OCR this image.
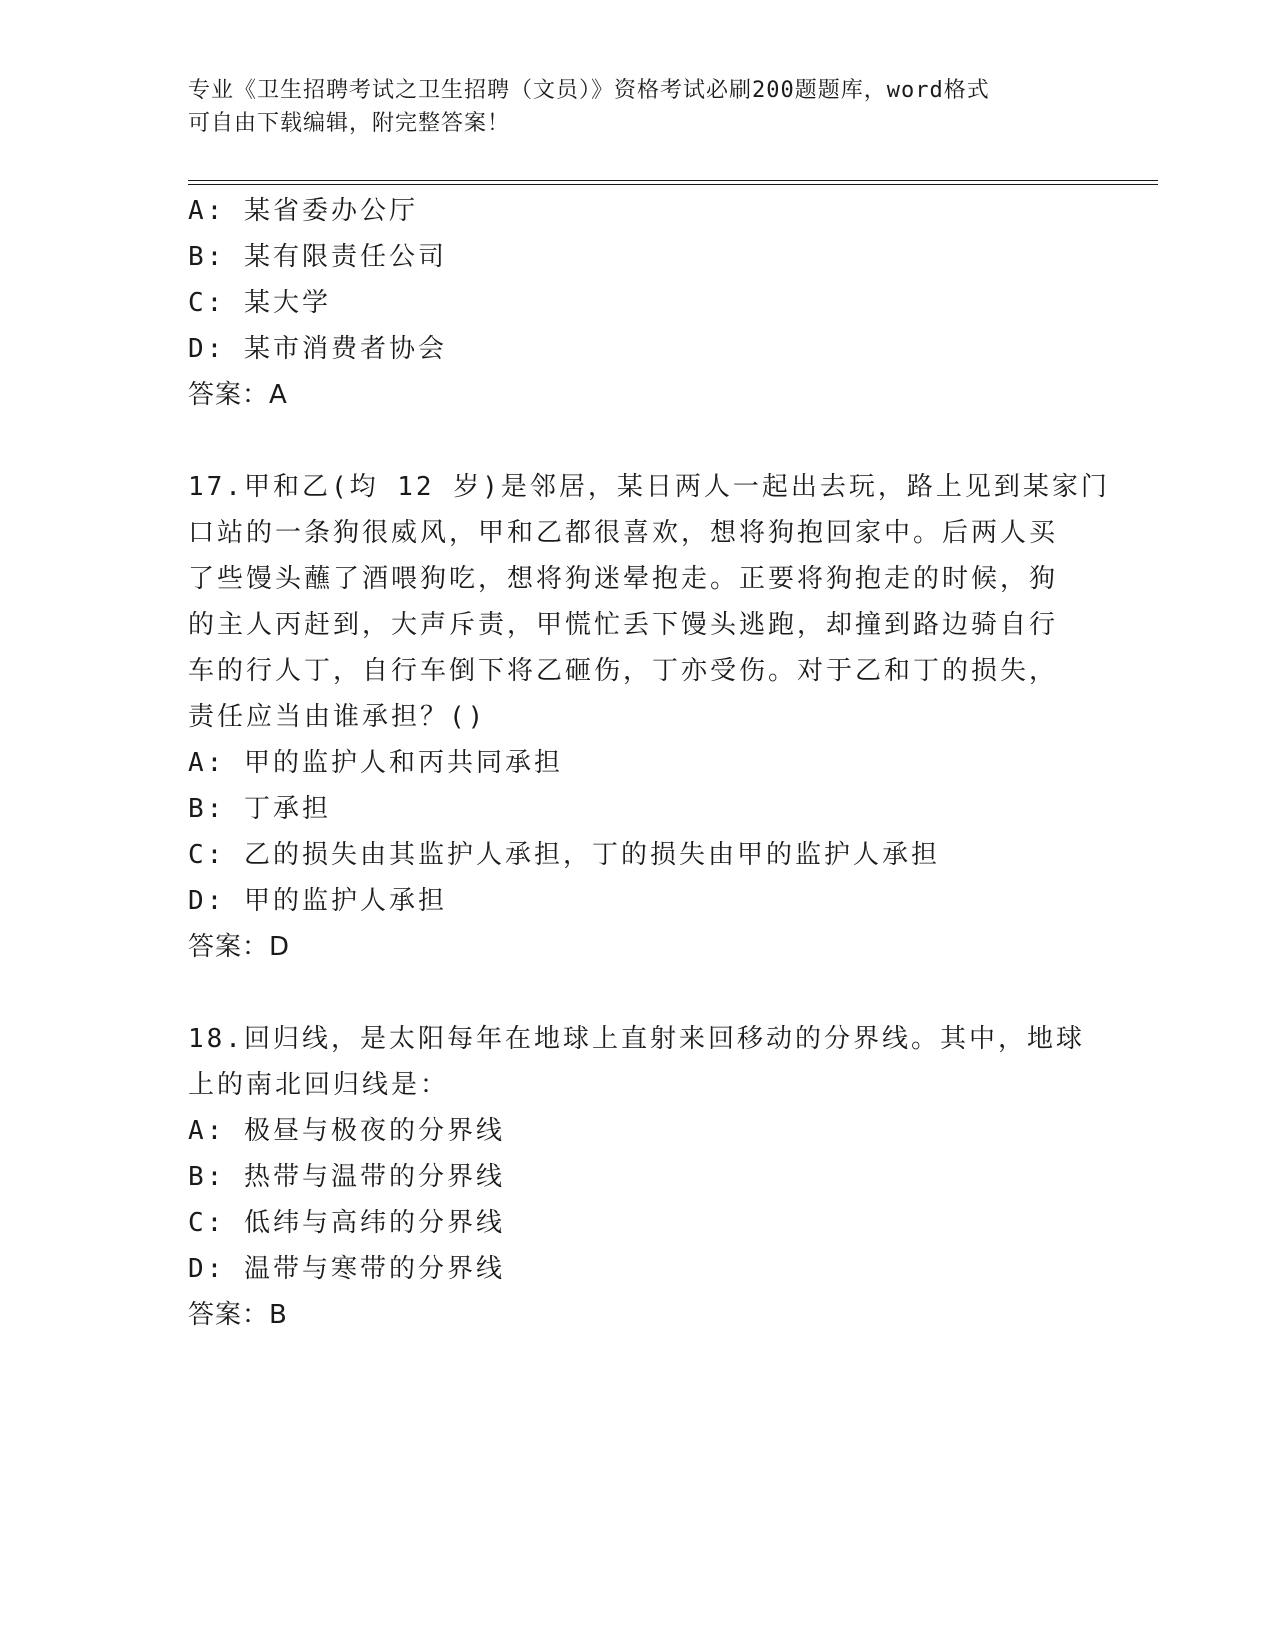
专业《卫生招聘考试之卫生招聘（文员）》资格考试必刷200题题库，word格式
可自由下载编辑，附完整答案！
A: 某省委办公厅
B: 某有限责任公司
C: 某大学
D: 某市消费者协会
答案：A
17.甲和乙(均 12 岁)是邻居，某日两人一起出去玩，路上见到某家门
口站的一条狗很威风，甲和乙都很喜欢，想将狗抱回家中。后两人买
了些馒头蘸了酒喂狗吃，想将狗迷晕抱走。正要将狗抱走的时候，狗
的主人丙赶到，大声斥责，甲慌忙丢下馒头逃跑，却撞到路边骑自行
车的行人丁，自行车倒下将乙砸伤，丁亦受伤。对于乙和丁的损失，
责任应当由谁承担？()
A: 甲的监护人和丙共同承担
B: 丁承担
C: 乙的损失由其监护人承担，丁的损失由甲的监护人承担
D: 甲的监护人承担
答案：D
18.回归线，是太阳每年在地球上直射来回移动的分界线。其中，地球
上的南北回归线是：
A: 极昼与极夜的分界线
B: 热带与温带的分界线
C: 低纬与高纬的分界线
D: 温带与寒带的分界线
答案：B
